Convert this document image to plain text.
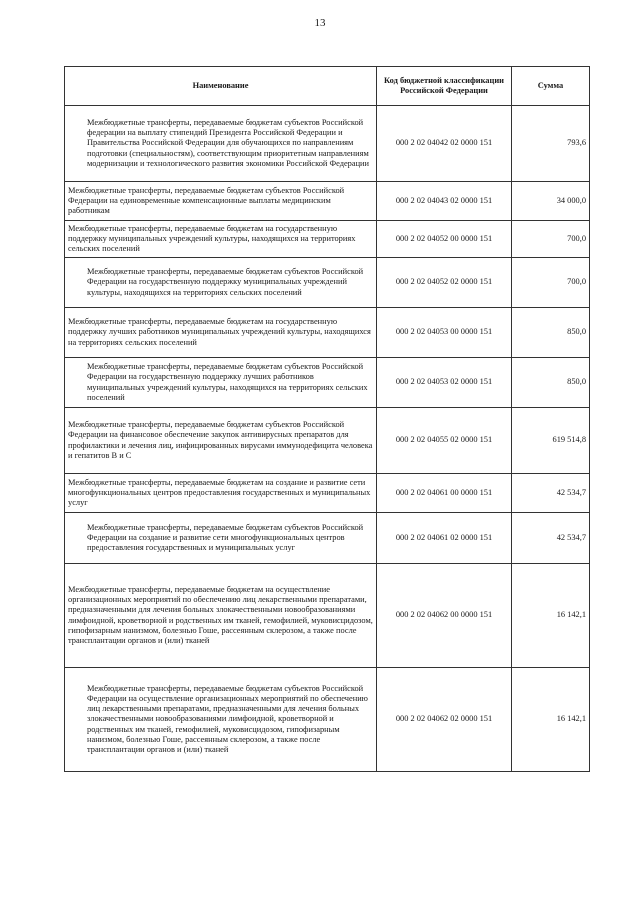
13
Наименование	Код бюджетной классификации Российской Федерации	Сумма
Межбюджетные трансферты, передаваемые бюджетам субъектов Российской федерации на выплату стипендий Президента Российской Федерации и Правительства Российской Федерации для обучающихся по направлениям подготовки (специальностям), соответствующим приоритетным направлениям модернизации и технологического развития экономики Российской Федерации	000 2 02 04042 02 0000 151	793,6
Межбюджетные трансферты, передаваемые бюджетам субъектов Российской Федерации на единовременные компенсационные выплаты медицинским работникам	000 2 02 04043 02 0000 151	34 000,0
Межбюджетные трансферты, передаваемые бюджетам на государственную поддержку муниципальных учреждений культуры, находящихся на территориях сельских поселений	000 2 02 04052 00 0000 151	700,0
Межбюджетные трансферты, передаваемые бюджетам субъектов Российской Федерации на государственную поддержку муниципальных учреждений культуры, находящихся на территориях сельских поселений	000 2 02 04052 02 0000 151	700,0
Межбюджетные трансферты, передаваемые бюджетам на государственную поддержку лучших работников муниципальных учреждений культуры, находящихся на территориях сельских поселений	000 2 02 04053 00 0000 151	850,0
Межбюджетные трансферты, передаваемые бюджетам субъектов Российской Федерации на государственную поддержку лучших работников муниципальных учреждений культуры, находящихся на территориях сельских поселений	000 2 02 04053 02 0000 151	850,0
Межбюджетные трансферты, передаваемые бюджетам субъектов Российской Федерации на финансовое обеспечение закупок антивирусных препаратов для профилактики и лечения лиц, инфицированных вирусами иммунодефицита человека и гепатитов В и С	000 2 02 04055 02 0000 151	619 514,8
Межбюджетные трансферты, передаваемые бюджетам на создание и развитие сети многофункциональных центров предоставления государственных и муниципальных услуг	000 2 02 04061 00 0000 151	42 534,7
Межбюджетные трансферты, передаваемые бюджетам субъектов Российской Федерации на создание и развитие сети многофункциональных центров предоставления государственных и муниципальных услуг	000 2 02 04061 02 0000 151	42 534,7
Межбюджетные трансферты, передаваемые бюджетам на осуществление организационных мероприятий по обеспечению лиц лекарственными препаратами, предназначенными для лечения больных злокачественными новообразованиями лимфоидной, кроветворной и родственных им тканей, гемофилией, муковисцидозом, гипофизарным нанизмом, болезнью Гоше, рассеянным склерозом, а также после трансплантации органов и (или) тканей	000 2 02 04062 00 0000 151	16 142,1
Межбюджетные трансферты, передаваемые бюджетам субъектов Российской Федерации на осуществление организационных мероприятий по обеспечению лиц лекарственными препаратами, предназначенными для лечения больных злокачественными новообразованиями лимфоидной, кроветворной и родственных им тканей, гемофилией, муковисцидозом, гипофизарным нанизмом, болезнью Гоше, рассеянным склерозом, а также после трансплантации органов и (или) тканей	000 2 02 04062 02 0000 151	16 142,1
